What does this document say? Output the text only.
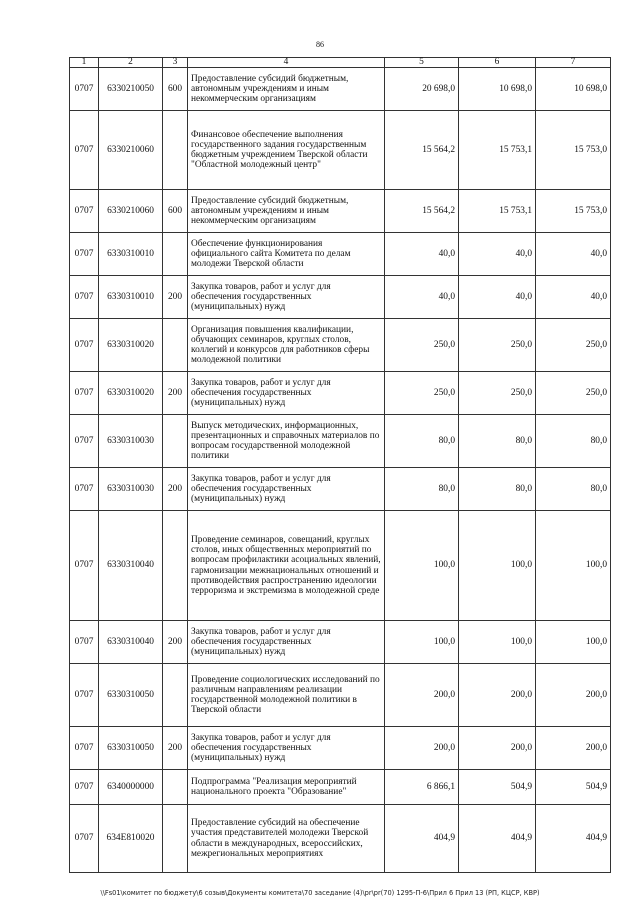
86
1	2	3	4	5	6	7
0707	6330210050	600	Предоставление субсидий бюджетным, автономным учреждениям и иным некоммерческим организациям	20 698,0	10 698,0	10 698,0
0707	6330210060		Финансовое обеспечение выполнения государственного задания государственным бюджетным учреждением Тверской области "Областной молодежный центр"	15 564,2	15 753,1	15 753,0
0707	6330210060	600	Предоставление субсидий бюджетным, автономным учреждениям и иным некоммерческим организациям	15 564,2	15 753,1	15 753,0
0707	6330310010		Обеспечение функционирования официального сайта Комитета по делам молодежи Тверской области	40,0	40,0	40,0
0707	6330310010	200	Закупка товаров, работ и услуг для обеспечения государственных (муниципальных) нужд	40,0	40,0	40,0
0707	6330310020		Организация повышения квалификации, обучающих семинаров, круглых столов, коллегий и конкурсов для работников сферы молодежной политики	250,0	250,0	250,0
0707	6330310020	200	Закупка товаров, работ и услуг для обеспечения государственных (муниципальных) нужд	250,0	250,0	250,0
0707	6330310030		Выпуск методических, информационных, презентационных и справочных материалов по вопросам государственной молодежной политики	80,0	80,0	80,0
0707	6330310030	200	Закупка товаров, работ и услуг для обеспечения государственных (муниципальных) нужд	80,0	80,0	80,0
0707	6330310040		Проведение семинаров, совещаний, круглых столов, иных общественных мероприятий по вопросам профилактики асоциальных явлений, гармонизации межнациональных отношений и противодействия распространению идеологии терроризма и экстремизма в молодежной среде	100,0	100,0	100,0
0707	6330310040	200	Закупка товаров, работ и услуг для обеспечения государственных (муниципальных) нужд	100,0	100,0	100,0
0707	6330310050		Проведение социологических исследований по различным направлениям реализации государственной молодежной политики в Тверской области	200,0	200,0	200,0
0707	6330310050	200	Закупка товаров, работ и услуг для обеспечения государственных (муниципальных) нужд	200,0	200,0	200,0
0707	6340000000		Подпрограмма "Реализация мероприятий национального проекта "Образование"	6 866,1	504,9	504,9
0707	634E810020		Предоставление субсидий на обеспечение участия представителей молодежи Тверской области в международных, всероссийских, межрегиональных мероприятиях	404,9	404,9	404,9
\\Fs01\комитет по бюджету\6 созыв\Документы комитета\70 заседание (4)\pr\pr(70) 1295-П-6\Прил 6 Прил 13 (РП, КЦСР, КВР)
